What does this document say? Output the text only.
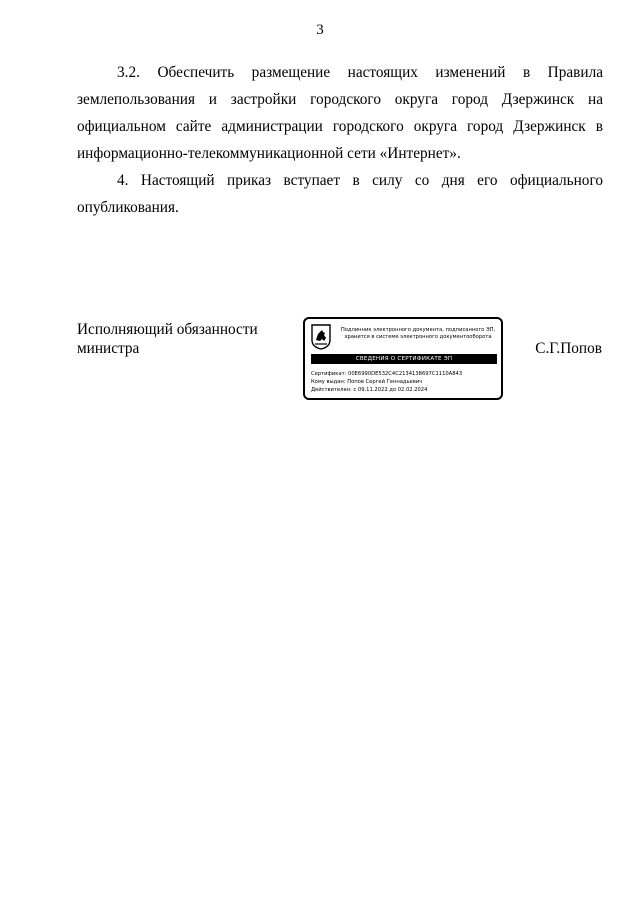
3

3.2. Обеспечить размещение настоящих изменений в Правила землепользования и застройки городского округа город Дзержинск на официальном сайте администрации городского округа город Дзержинск в информационно-телекоммуникационной сети «Интернет».

4. Настоящий приказ вступает в силу со дня его официального опубликования.

Исполняющий обязанности
министра
Подлинник электронного документа, подписанного ЭП,
хранится в системе электронного документооборота
СВЕДЕНИЯ О СЕРТИФИКАТЕ ЭП
Сертификат: 00E6990DE532C4C2134138697C1110A843
Кому выдан: Попов Сергей Геннадьевич
Действителен: с 09.11.2022 до 02.02.2024
С.Г.Попов
